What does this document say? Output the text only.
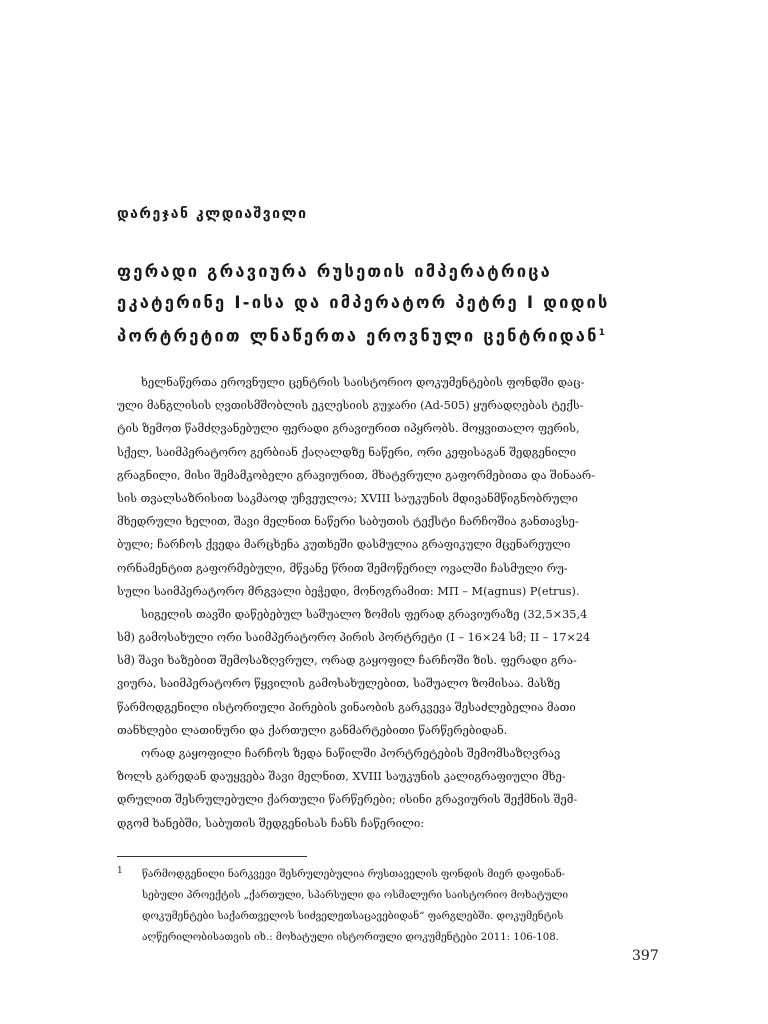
დარეჯან კლდიაშვილი
ფერადი გრავიურა რუსეთის იმპერატრიცა
ეკატერინე I-ისა და იმპერატორ პეტრე I დიდის
პორტრეტით ლნაწერთა ეროვნული ცენტრიდან$^1$
ხელნაწერთა ეროვნული ცენტრის საისტორიო დოკუმენტების ფონდში დაც-
ული მანგლისის ღვთისმშობლის ეკლესიის გუჯარი (Ad-505) ყურადღებას ტექს-
ტის ზემოთ წამძღვანებული ფერადი გრავიურით იპყრობს. მოყვითალო ფერის,
სქელ, საიმპერატორო გერბიან ქაღალდზე ნაწერი, ორი კეფისაგან შედგენილი
გრაგნილი, მისი შემამკობელი გრავიურით, მხატვრული გაფორმებითა და შინაარ-
სის თვალსაზრისით საკმაოდ უჩვეულოა; XVIII საუკუნის მდივანმწიგნობრული
მხედრული ხელით, შავი მელნით ნაწერი საბუთის ტექსტი ჩარჩოშია განთავსე-
ბული; ჩარჩოს ქვედა მარცხენა კუთხეში დასმულია გრაფიკული მცენარეული
ორნამენტით გაფორმებული, მწვანე წრით შემოწერილ ოვალში ჩასმული რუ-
სული საიმპერატორო მრგვალი ბეჭედი, მონოგრამით: МП – M(agnus) P(etrus).
სიგელის თავში დაწებებულ საშუალო ზომის ფერად გრავიურაზე (32,5×35,4
სმ) გამოსახული ორი საიმპერატორო პირის პორტრეტი (I – 16×24 სმ; II – 17×24
სმ) შავი ხაზებით შემოსაზღვრულ, ორად გაყოფილ ჩარჩოში ზის. ფერადი გრა-
ვიურა, საიმპერატორო წყვილის გამოსახულებით, საშუალო ზომისაა. მასზე
წარმოდგენილი ისტორიული პირების ვინაობის გარკვევა შესაძლებელია მათი
თანხლები ლათინური და ქართული განმარტებითი წარწერებიდან.
ორად გაყოფილი ჩარჩოს ზედა ნაწილში პორტრეტების შემომსაზღვრავ
ზოლს გარედან დაუყვება შავი მელნით, XVIII საუკუნის კალიგრაფიული მხე-
დრულით შესრულებული ქართული წარწერები; ისინი გრავიურის შექმნის შემ-
დგომ ხანებში, საბუთის შედგენისას ჩანს ჩაწერილი:
1 წარმოდგენილი ნარკვევი შესრულებულია რუსთაველის ფონდის მიერ დაფინან-
სებული პროექტის „ქართული, სპარსული და ოსმალური საისტორიო მოხატული
დოკუმენტები საქართველოს სიძველეთსაცავებიდან“ ფარგლებში. დოკუმენტის
აღწერილობისათვის იხ.: მოხატული ისტორიული დოკუმენტები 2011: 106-108.
397
